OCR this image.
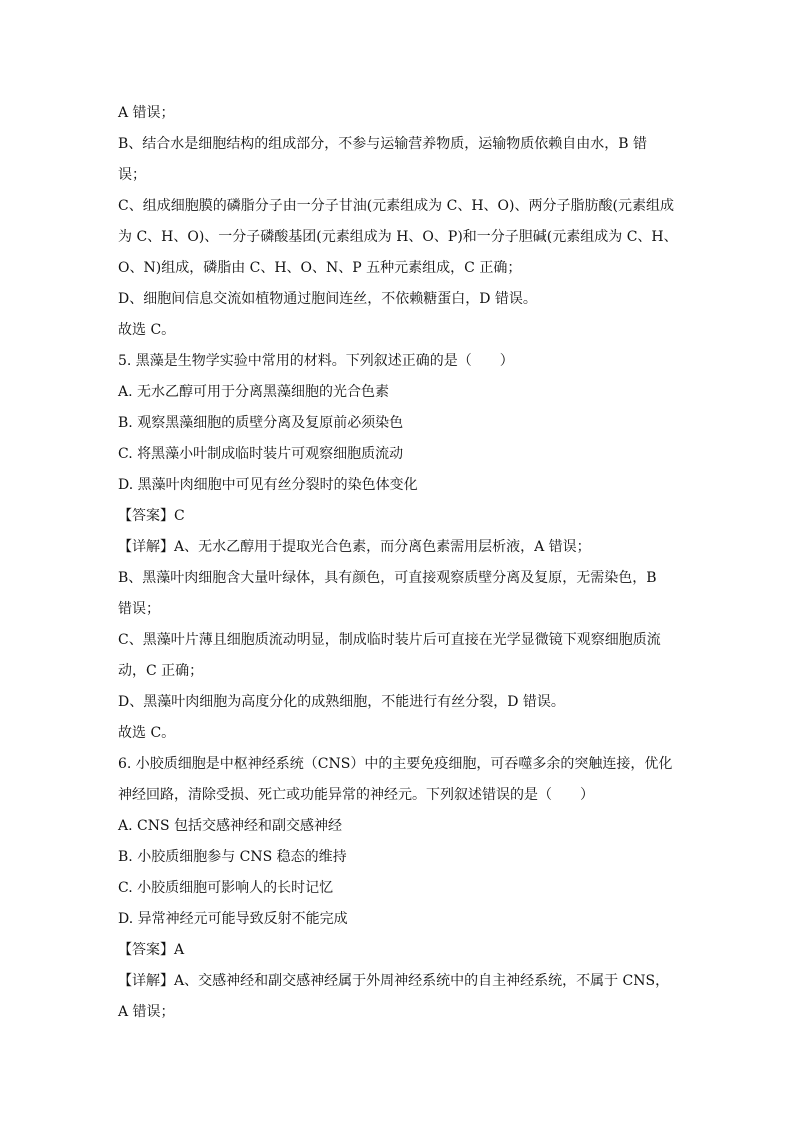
A 错误；
B、结合水是细胞结构的组成部分，不参与运输营养物质，运输物质依赖自由水，B 错
误；
C、组成细胞膜的磷脂分子由一分子甘油(元素组成为 C、H、O)、两分子脂肪酸(元素组成
为 C、H、O)、一分子磷酸基团(元素组成为 H、O、P)和一分子胆碱(元素组成为 C、H、
O、N)组成，磷脂由 C、H、O、N、P 五种元素组成，C 正确；
D、细胞间信息交流如植物通过胞间连丝，不依赖糖蛋白，D 错误。
故选 C。
5. 黑藻是生物学实验中常用的材料。下列叙述正确的是（　　）
A. 无水乙醇可用于分离黑藻细胞的光合色素
B. 观察黑藻细胞的质壁分离及复原前必须染色
C. 将黑藻小叶制成临时装片可观察细胞质流动
D. 黑藻叶肉细胞中可见有丝分裂时的染色体变化
【答案】C
【详解】A、无水乙醇用于提取光合色素，而分离色素需用层析液，A 错误；
B、黑藻叶肉细胞含大量叶绿体，具有颜色，可直接观察质壁分离及复原，无需染色，B
错误；
C、黑藻叶片薄且细胞质流动明显，制成临时装片后可直接在光学显微镜下观察细胞质流
动，C 正确；
D、黑藻叶肉细胞为高度分化的成熟细胞，不能进行有丝分裂，D 错误。
故选 C。
6. 小胶质细胞是中枢神经系统（CNS）中的主要免疫细胞，可吞噬多余的突触连接，优化
神经回路，清除受损、死亡或功能异常的神经元。下列叙述错误的是（　　）
A. CNS 包括交感神经和副交感神经
B. 小胶质细胞参与 CNS 稳态的维持
C. 小胶质细胞可影响人的长时记忆
D. 异常神经元可能导致反射不能完成
【答案】A
【详解】A、交感神经和副交感神经属于外周神经系统中的自主神经系统，不属于 CNS，
A 错误；
